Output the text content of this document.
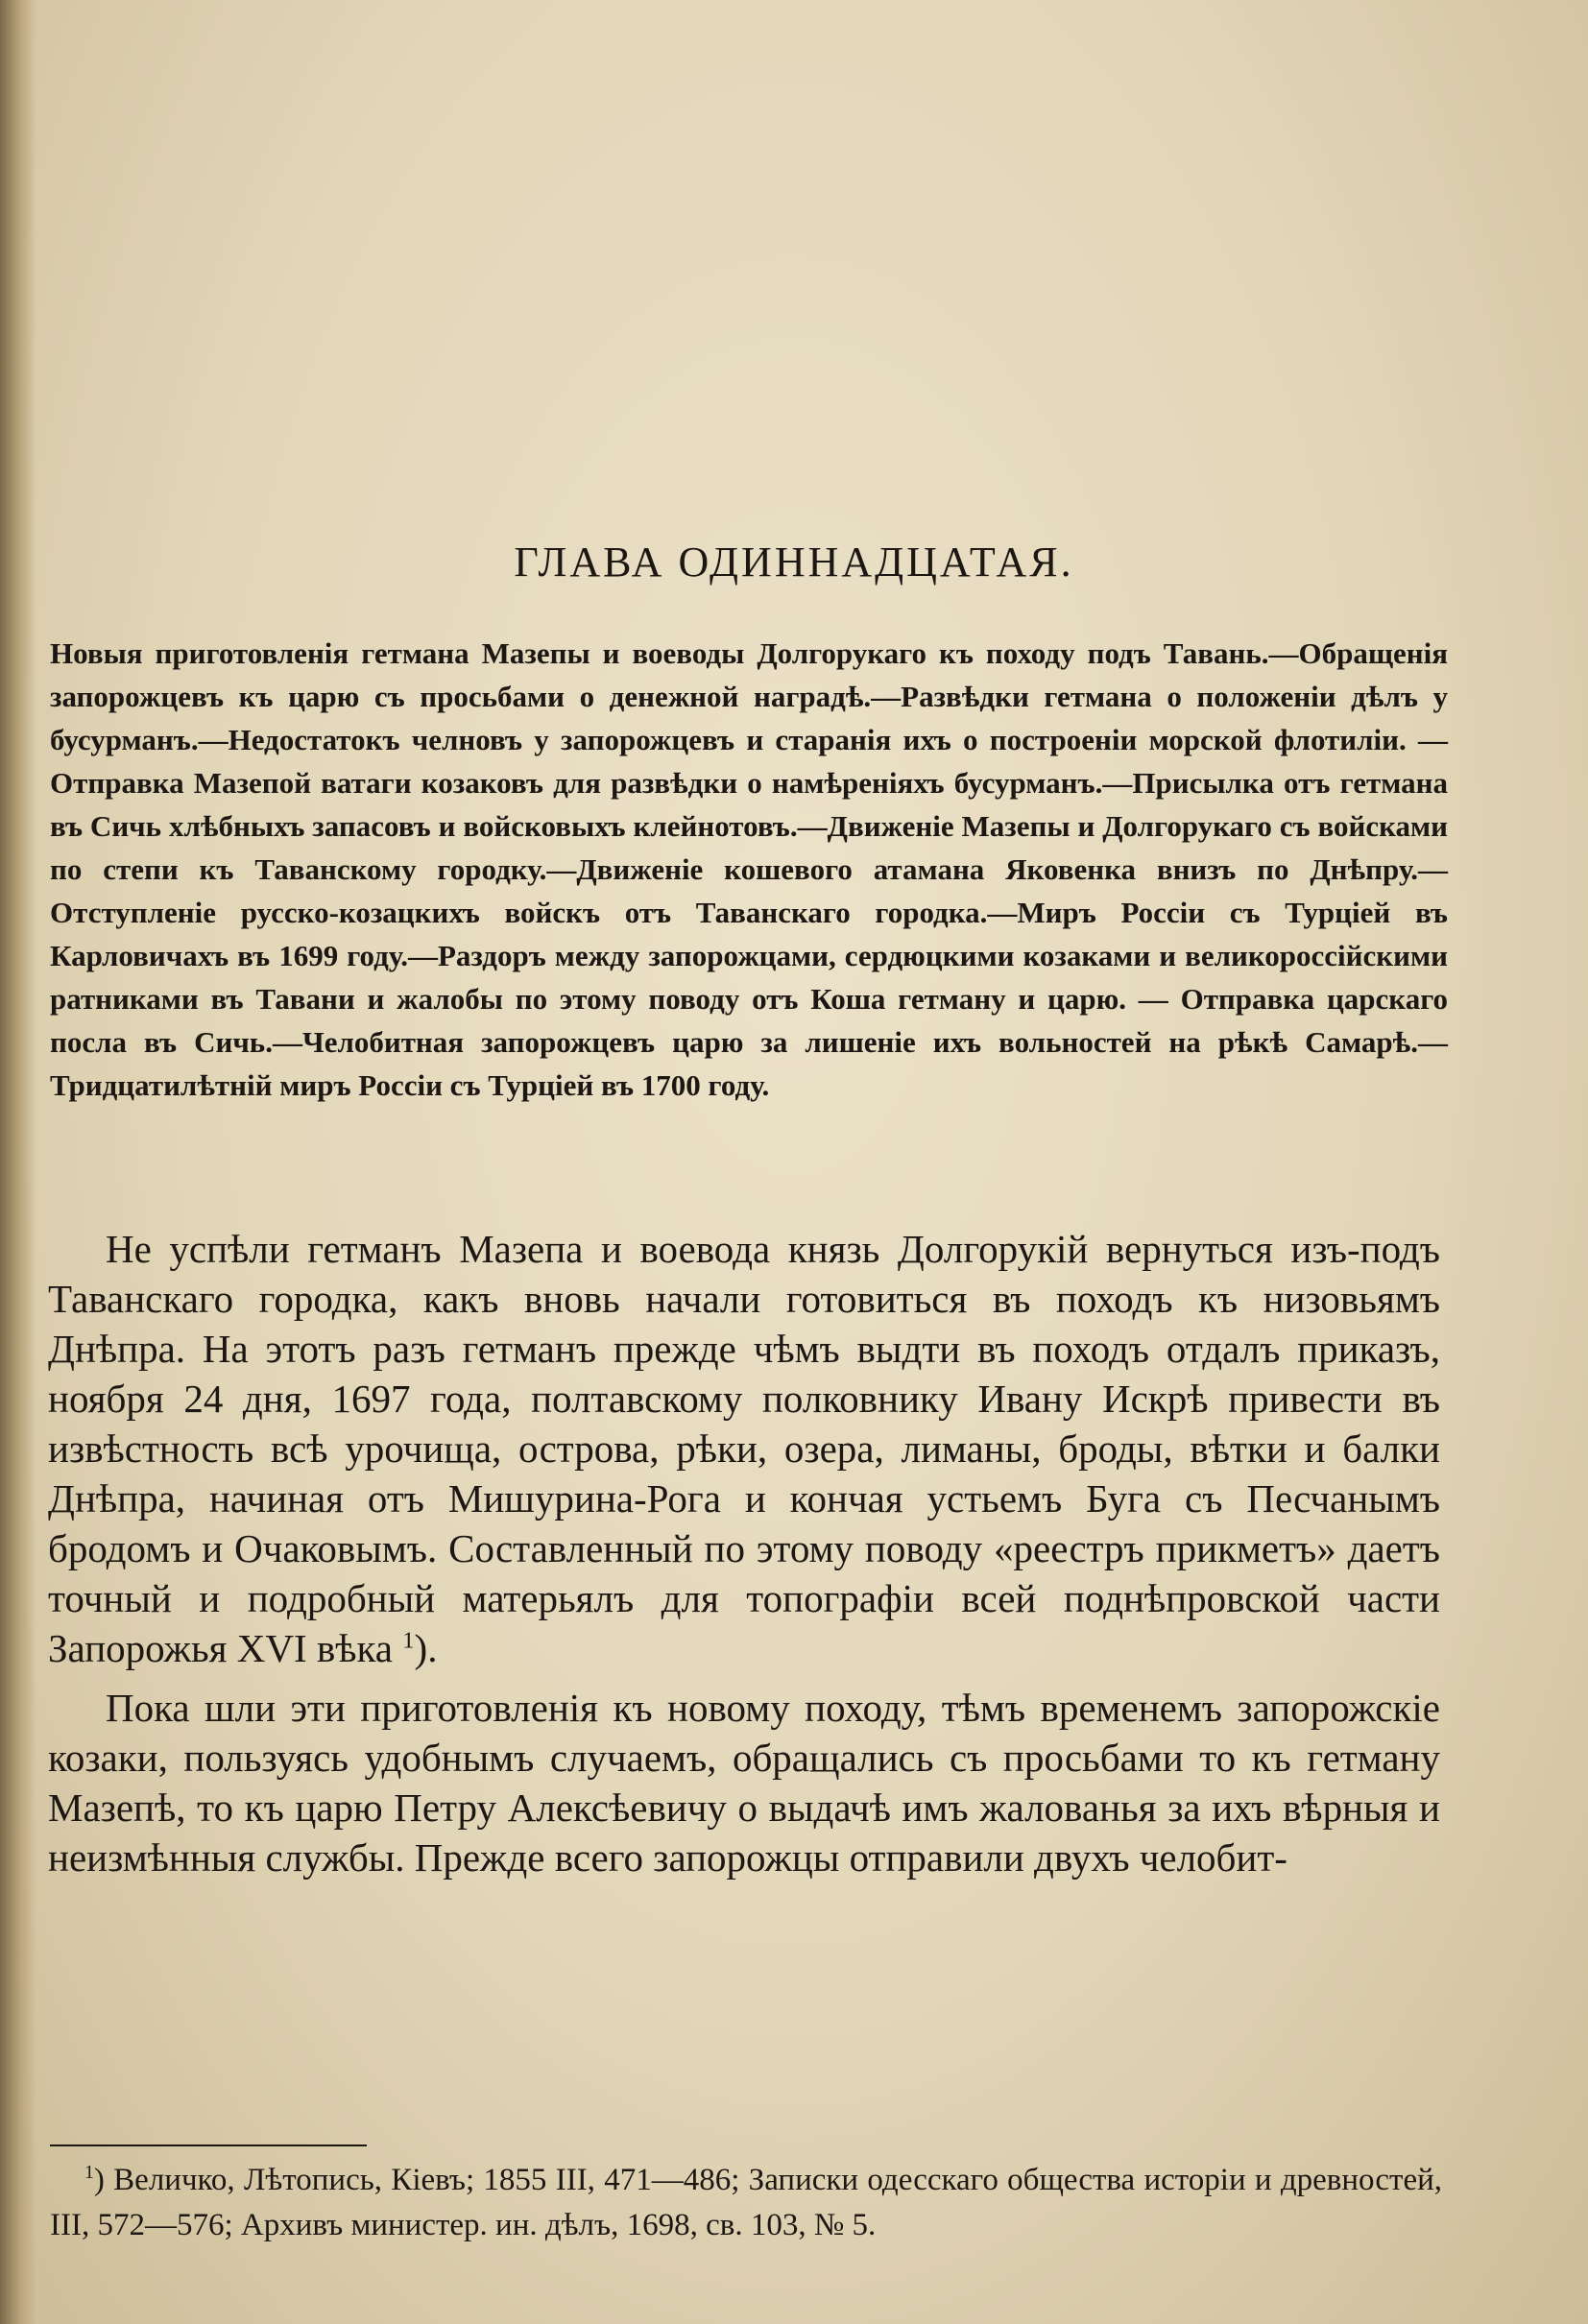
ГЛАВА ОДИННАДЦАТАЯ.

Новыя приготовленія гетмана Мазепы и воеводы Долгорукаго къ походу подъ Тавань.—Обращенія запорожцевъ къ царю съ просьбами о денежной наградѣ.—Развѣдки гетмана о положеніи дѣлъ у бусурманъ.—Недостатокъ челновъ у запорожцевъ и старанія ихъ о построеніи морской флотиліи. — Отправка Мазепой ватаги козаковъ для развѣдки о намѣреніяхъ бусурманъ.—Присылка отъ гетмана въ Сичь хлѣбныхъ запасовъ и войсковыхъ клейнотовъ.—Движеніе Мазепы и Долгорукаго съ войсками по степи къ Таванскому городку.—Движеніе кошевого атамана Яковенка внизъ по Днѣпру.—Отступленіе русско-козацкихъ войскъ отъ Таванскаго городка.—Миръ Россіи съ Турціей въ Карловичахъ въ 1699 году.—Раздоръ между запорожцами, сердюцкими козаками и великороссійскими ратниками въ Тавани и жалобы по этому поводу отъ Коша гетману и царю. — Отправка царскаго посла въ Сичь.—Челобитная запорожцевъ царю за лишеніе ихъ вольностей на рѣкѣ Самарѣ.—Тридцатилѣтній миръ Россіи съ Турціей въ 1700 году.

Не успѣли гетманъ Мазепа и воевода князь Долгорукій вернуться изъ-подъ Таванскаго городка, какъ вновь начали готовиться въ походъ къ низовьямъ Днѣпра. На этотъ разъ гетманъ прежде чѣмъ выдти въ походъ отдалъ приказъ, ноября 24 дня, 1697 года, полтавскому полковнику Ивану Искрѣ привести въ извѣстность всѣ урочища, острова, рѣки, озера, лиманы, броды, вѣтки и балки Днѣпра, начиная отъ Мишурина-Рога и кончая устьемъ Буга съ Песчанымъ бродомъ и Очаковымъ. Составленный по этому поводу «реестръ прикметъ» даетъ точный и подробный матерьялъ для топографіи всей поднѣпровской части Запорожья XVI вѣка $^1$).

Пока шли эти приготовленія къ новому походу, тѣмъ временемъ запорожскіе козаки, пользуясь удобнымъ случаемъ, обращались съ просьбами то къ гетману Мазепѣ, то къ царю Петру Алексѣевичу о выдачѣ имъ жалованья за ихъ вѣрныя и неизмѣнныя службы. Прежде всего запорожцы отправили двухъ челобит-

$^1$) Величко, Лѣтопись, Кіевъ; 1855 III, 471—486; Записки одесскаго общества исторіи и древностей, III, 572—576; Архивъ министер. ин. дѣлъ, 1698, св. 103, № 5.
